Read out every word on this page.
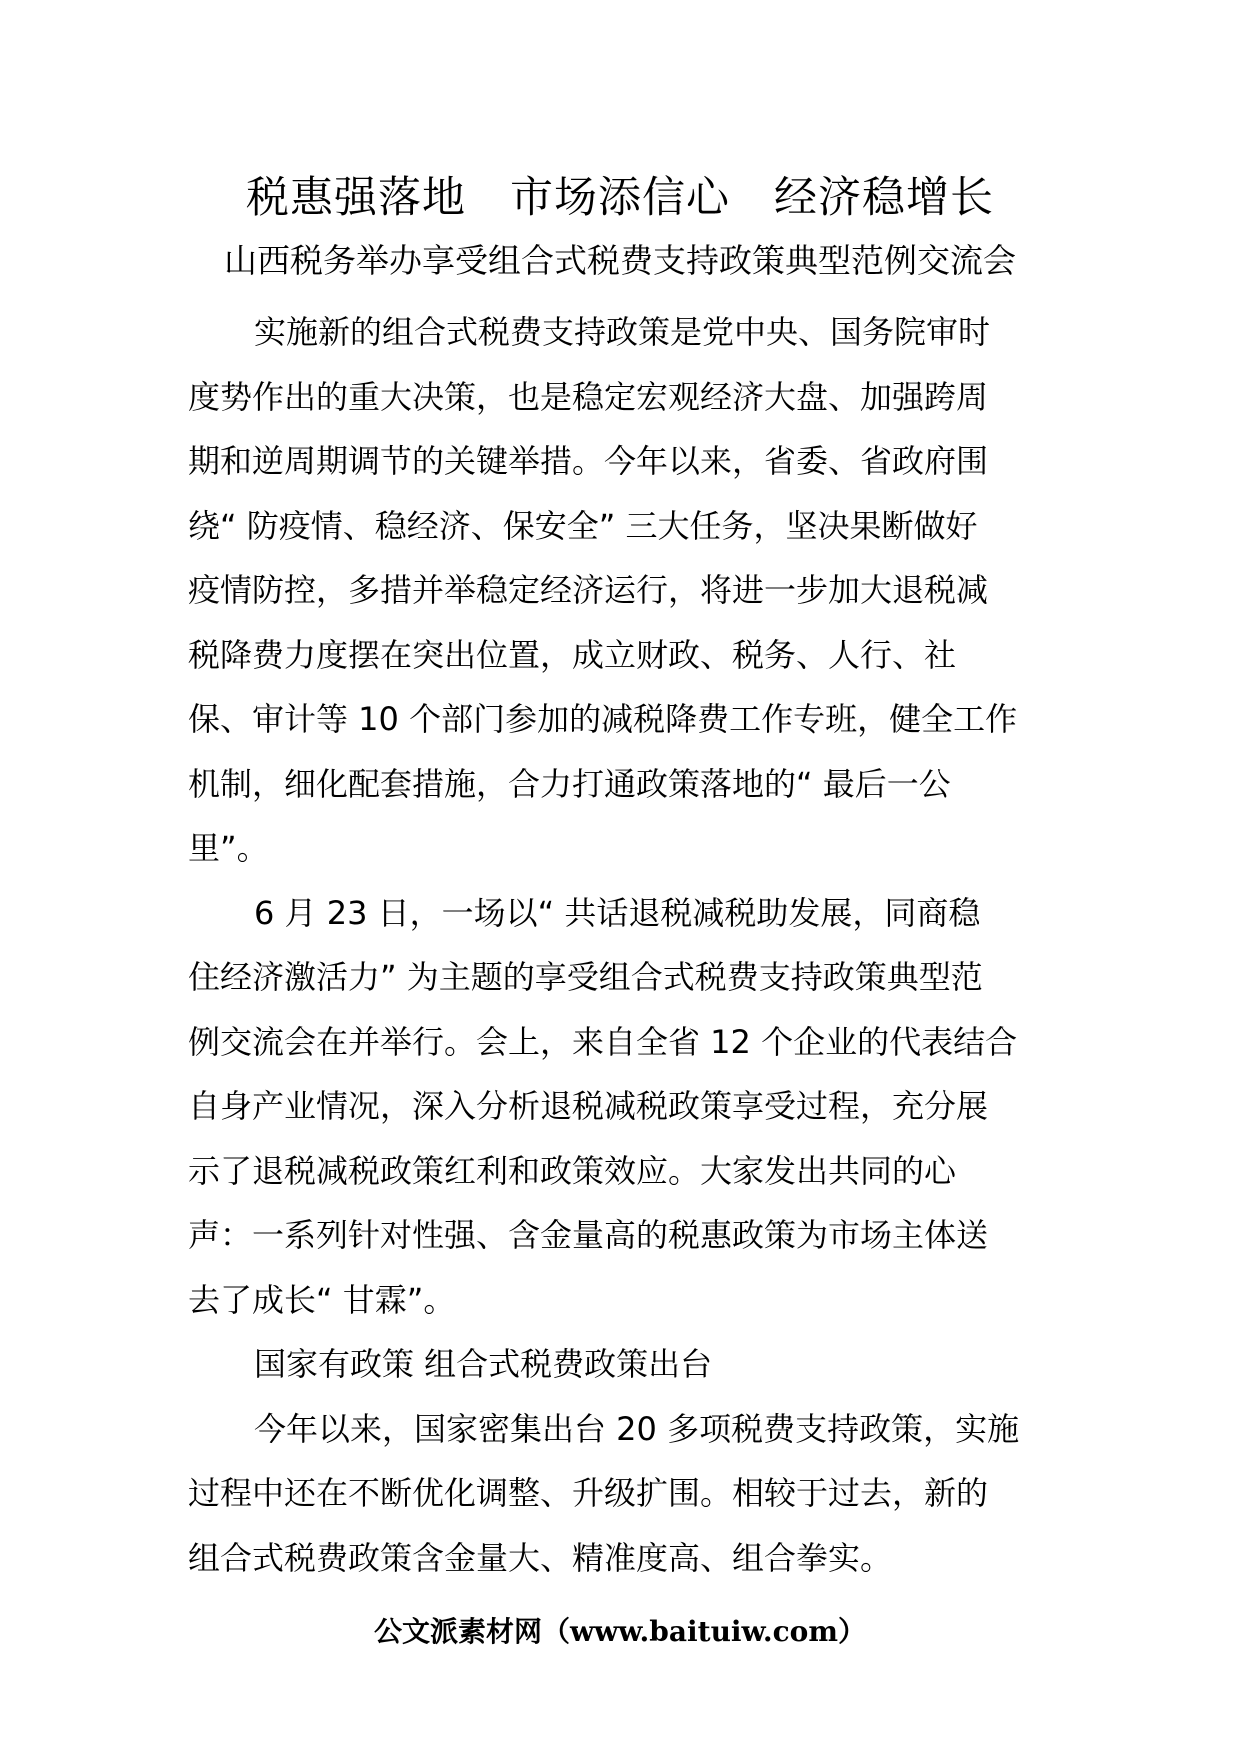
税惠强落地　市场添信心　经济稳增长
山西税务举办享受组合式税费支持政策典型范例交流会

实施新的组合式税费支持政策是党中央、国务院审时
度势作出的重大决策，也是稳定宏观经济大盘、加强跨周
期和逆周期调节的关键举措。今年以来，省委、省政府围
绕“ 防疫情、稳经济、保安全” 三大任务，坚决果断做好
疫情防控，多措并举稳定经济运行，将进一步加大退税减
税降费力度摆在突出位置，成立财政、税务、人行、社
保、审计等 10 个部门参加的减税降费工作专班，健全工作
机制，细化配套措施，合力打通政策落地的“ 最后一公
里”。

6 月 23 日，一场以“ 共话退税减税助发展，同商稳
住经济激活力” 为主题的享受组合式税费支持政策典型范
例交流会在并举行。会上，来自全省 12 个企业的代表结合
自身产业情况，深入分析退税减税政策享受过程，充分展
示了退税减税政策红利和政策效应。大家发出共同的心
声：一系列针对性强、含金量高的税惠政策为市场主体送
去了成长“ 甘霖”。

国家有政策 组合式税费政策出台

今年以来，国家密集出台 20 多项税费支持政策，实施
过程中还在不断优化调整、升级扩围。相较于过去，新的
组合式税费政策含金量大、精准度高、组合拳实。

公文派素材网（www.baituiw.com）
